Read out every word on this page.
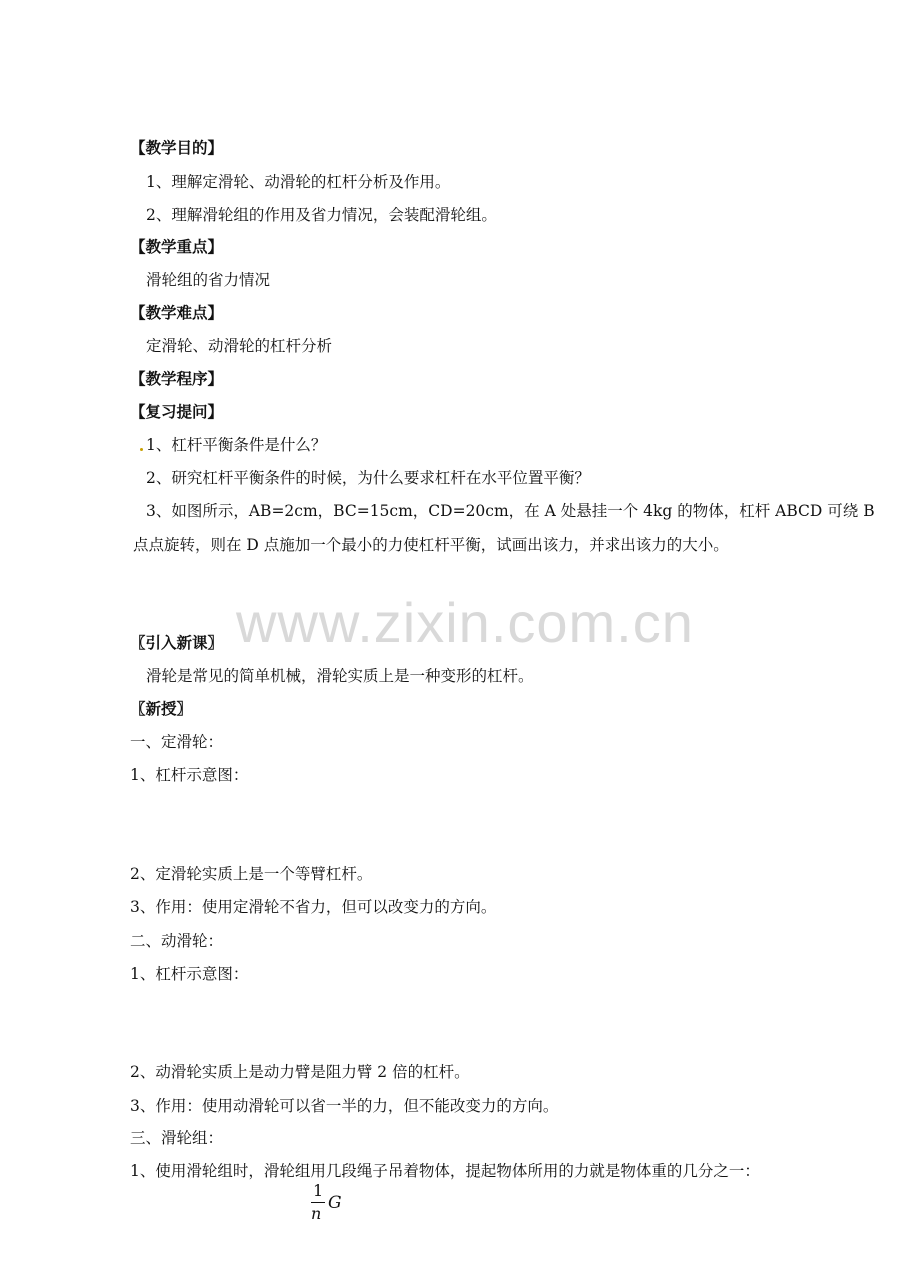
www.zixin.com.cn
【教学目的】
1、理解定滑轮、动滑轮的杠杆分析及作用。
2、理解滑轮组的作用及省力情况，会装配滑轮组。
【教学重点】
滑轮组的省力情况
【教学难点】
定滑轮、动滑轮的杠杆分析
【教学程序】
【复习提问】
1、杠杆平衡条件是什么？
2、研究杠杆平衡条件的时候，为什么要求杠杆在水平位置平衡？
3、如图所示，AB=2cm，BC=15cm，CD=20cm，在 A 处悬挂一个 4kg 的物体，杠杆 ABCD 可绕 B
点点旋转，则在 D 点施加一个最小的力使杠杆平衡，试画出该力，并求出该力的大小。
〖引入新课〗
滑轮是常见的简单机械，滑轮实质上是一种变形的杠杆。
〖新授〗
一、定滑轮：
1、杠杆示意图：
2、定滑轮实质上是一个等臂杠杆。
3、作用：使用定滑轮不省力，但可以改变力的方向。
二、动滑轮：
1、杠杆示意图：
2、动滑轮实质上是动力臂是阻力臂 2 倍的杠杆。
3、作用：使用动滑轮可以省一半的力，但不能改变力的方向。
三、滑轮组：
1、使用滑轮组时，滑轮组用几段绳子吊着物体，提起物体所用的力就是物体重的几分之一：
1
n
G
